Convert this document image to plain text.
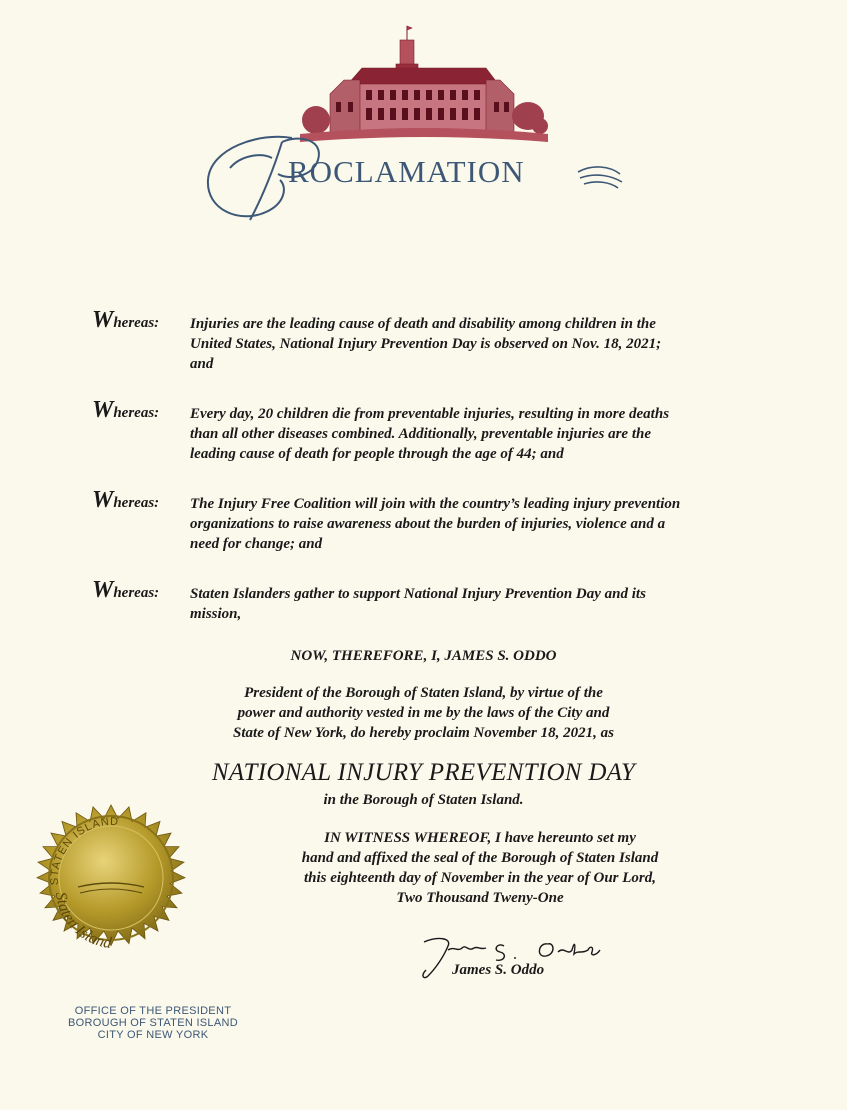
ROCLAMATION
Whereas:	Injuries are the leading cause of death and disability among children in the
United States, National Injury Prevention Day is observed on Nov. 18, 2021;
and
Whereas:	Every day, 20 children die from preventable injuries, resulting in more deaths
than all other diseases combined. Additionally, preventable injuries are the
leading cause of death for people through the age of 44; and
Whereas:	The Injury Free Coalition will join with the country’s leading injury prevention
organizations to raise awareness about the burden of injuries, violence and a
need for change; and
Whereas:	Staten Islanders gather to support National Injury Prevention Day and its
mission,
NOW, THEREFORE, I, JAMES S. ODDO
President of the Borough of Staten Island, by virtue of the
power and authority vested in me by the laws of the City and
State of New York, do hereby proclaim November 18, 2021, as
NATIONAL INJURY PREVENTION DAY
in the Borough of Staten Island.
IN WITNESS WHEREOF, I have hereunto set my
hand and affixed the seal of the Borough of Staten Island
this eighteenth day of November in the year of Our Lord,
Two Thousand Tweny-One
James S. Oddo
STATEN ISLAND
Staten Island
OFFICE OF THE PRESIDENT
BOROUGH OF STATEN ISLAND
CITY OF NEW YORK
